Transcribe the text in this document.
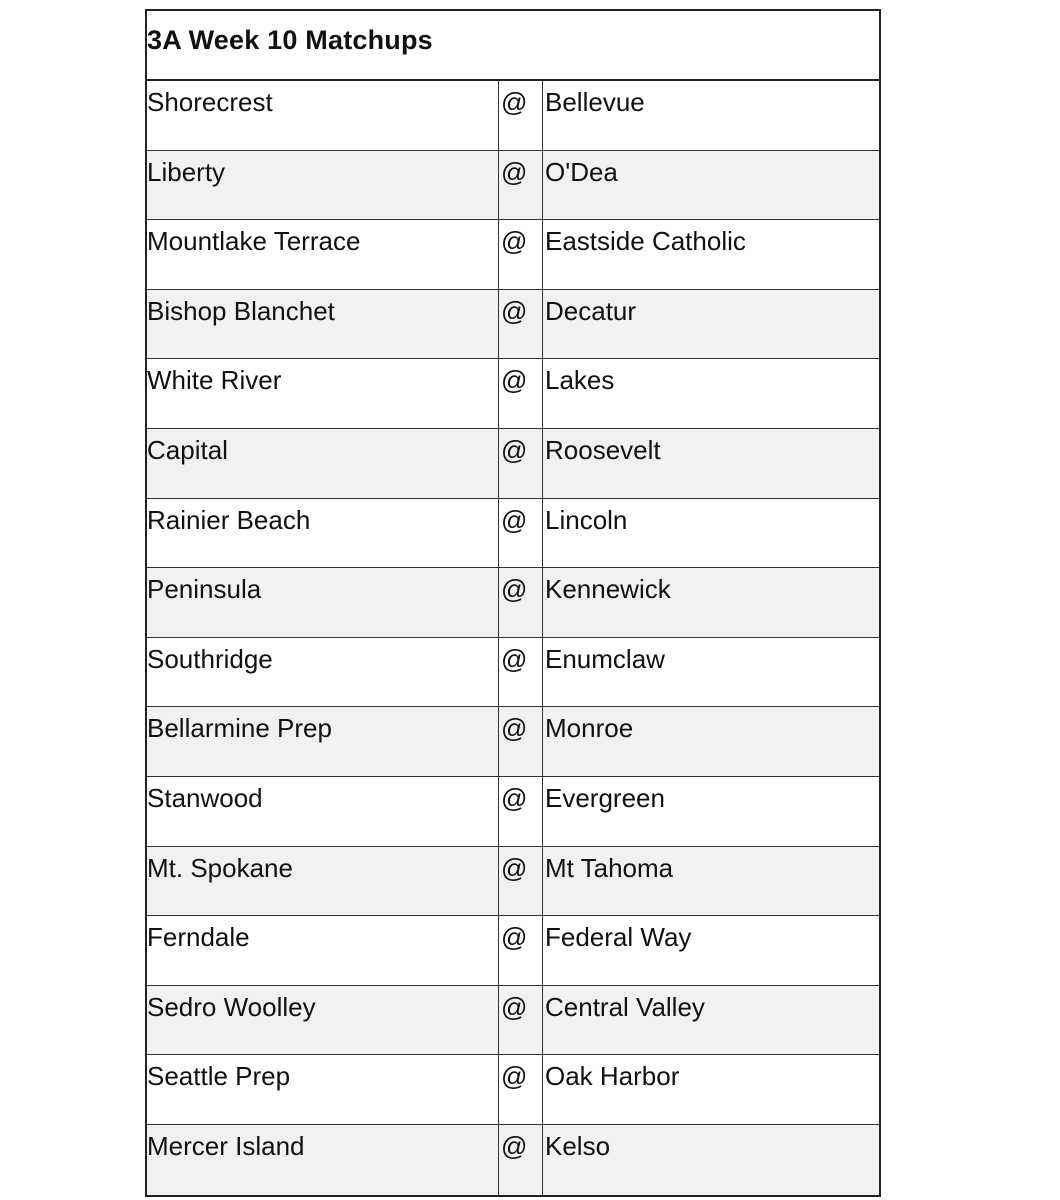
3A Week 10 Matchups
Shorecrest	@ Bellevue
Liberty	@ O'Dea
Mountlake Terrace	@ Eastside Catholic
Bishop Blanchet	@ Decatur
White River	@ Lakes
Capital	@ Roosevelt
Rainier Beach	@ Lincoln
Peninsula	@ Kennewick
Southridge	@ Enumclaw
Bellarmine Prep	@ Monroe
Stanwood	@ Evergreen
Mt. Spokane	@ Mt Tahoma
Ferndale	@ Federal Way
Sedro Woolley	@ Central Valley
Seattle Prep	@ Oak Harbor
Mercer Island	@ Kelso
